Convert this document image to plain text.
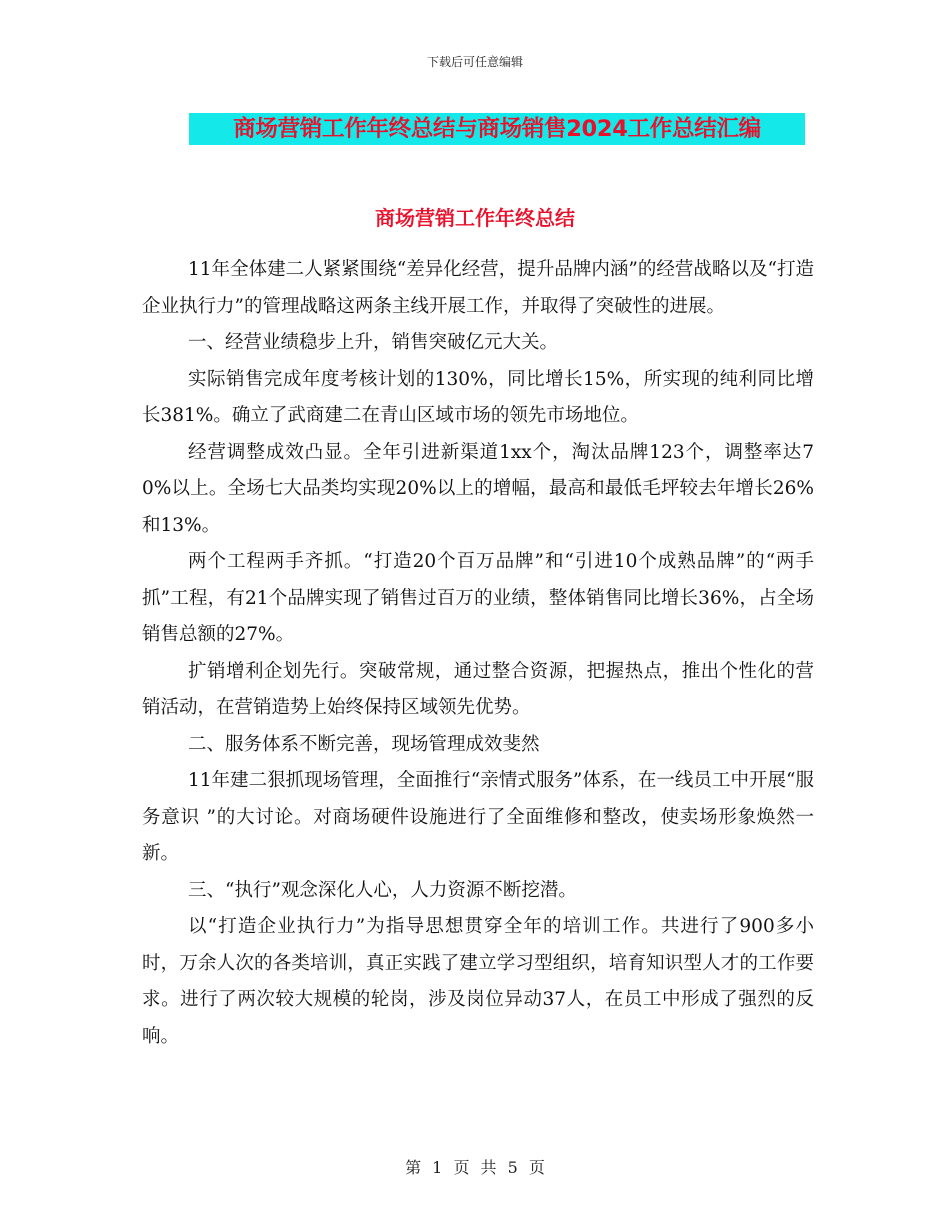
下载后可任意编辑
商场营销工作年终总结与商场销售2024工作总结汇编
商场营销工作年终总结

11年全体建二人紧紧围绕“差异化经营，提升品牌内涵”的经营战略以及“打造企业执行力”的管理战略这两条主线开展工作，并取得了突破性的进展。

一、经营业绩稳步上升，销售突破亿元大关。

实际销售完成年度考核计划的130%，同比增长15%，所实现的纯利同比增长381%。确立了武商建二在青山区域市场的领先市场地位。

经营调整成效凸显。全年引进新渠道1xx个，淘汰品牌123个，调整率达70%以上。全场七大品类均实现20%以上的增幅，最高和最低毛坪较去年增长26%和13%。

两个工程两手齐抓。“打造20个百万品牌”和“引进10个成熟品牌”的“两手抓”工程，有21个品牌实现了销售过百万的业绩，整体销售同比增长36%，占全场销售总额的27%。

扩销增利企划先行。突破常规，通过整合资源，把握热点，推出个性化的营销活动，在营销造势上始终保持区域领先优势。

二、服务体系不断完善，现场管理成效斐然

11年建二狠抓现场管理，全面推行“亲情式服务”体系，在一线员工中开展“服务意识 ”的大讨论。对商场硬件设施进行了全面维修和整改，使卖场形象焕然一新。

三、“执行”观念深化人心，人力资源不断挖潜。

以“打造企业执行力”为指导思想贯穿全年的培训工作。共进行了900多小时，万余人次的各类培训，真正实践了建立学习型组织，培育知识型人才的工作要求。进行了两次较大规模的轮岗，涉及岗位异动37人，在员工中形成了强烈的反响。

第 1 页 共 5 页
